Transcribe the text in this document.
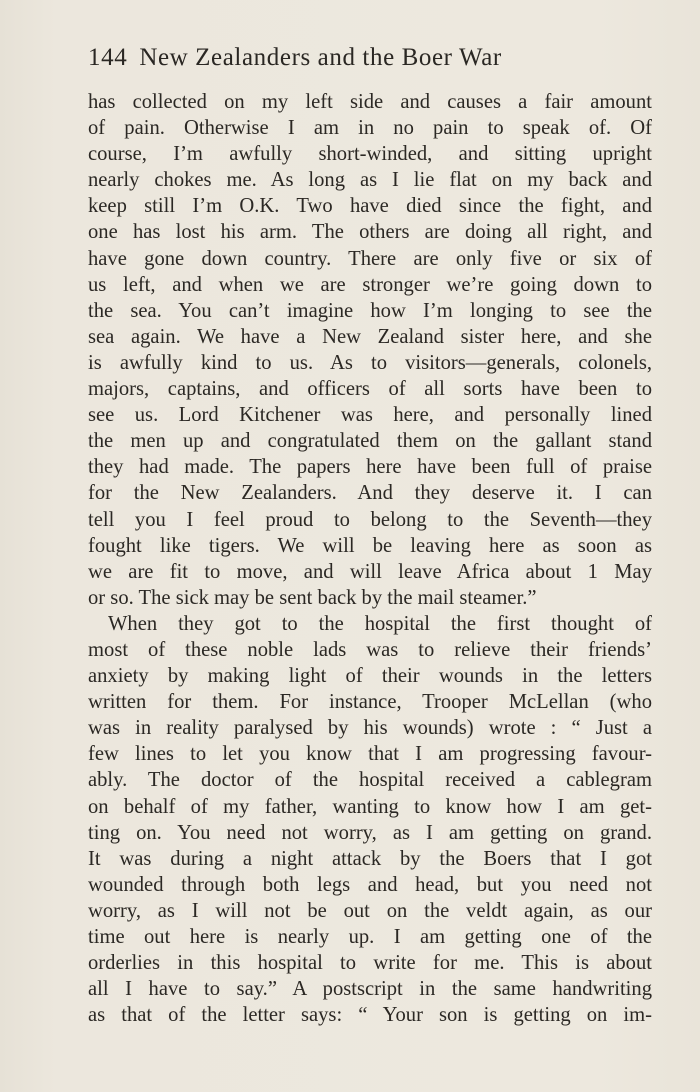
144 New Zealanders and the Boer War
has collected on my left side and causes a fair amount
of pain. Otherwise I am in no pain to speak of. Of
course, I’m awfully short-winded, and sitting upright
nearly chokes me. As long as I lie flat on my back and
keep still I’m O.K. Two have died since the fight, and
one has lost his arm. The others are doing all right, and
have gone down country. There are only five or six of
us left, and when we are stronger we’re going down to
the sea. You can’t imagine how I’m longing to see the
sea again. We have a New Zealand sister here, and she
is awfully kind to us. As to visitors—generals, colonels,
majors, captains, and officers of all sorts have been to
see us. Lord Kitchener was here, and personally lined
the men up and congratulated them on the gallant stand
they had made. The papers here have been full of praise
for the New Zealanders. And they deserve it. I can
tell you I feel proud to belong to the Seventh—they
fought like tigers. We will be leaving here as soon as
we are fit to move, and will leave Africa about 1 May
or so. The sick may be sent back by the mail steamer.”
When they got to the hospital the first thought of
most of these noble lads was to relieve their friends’
anxiety by making light of their wounds in the letters
written for them. For instance, Trooper McLellan (who
was in reality paralysed by his wounds) wrote : “ Just a
few lines to let you know that I am progressing favour-
ably. The doctor of the hospital received a cablegram
on behalf of my father, wanting to know how I am get-
ting on. You need not worry, as I am getting on grand.
It was during a night attack by the Boers that I got
wounded through both legs and head, but you need not
worry, as I will not be out on the veldt again, as our
time out here is nearly up. I am getting one of the
orderlies in this hospital to write for me. This is about
all I have to say.” A postscript in the same handwriting
as that of the letter says: “ Your son is getting on im-
